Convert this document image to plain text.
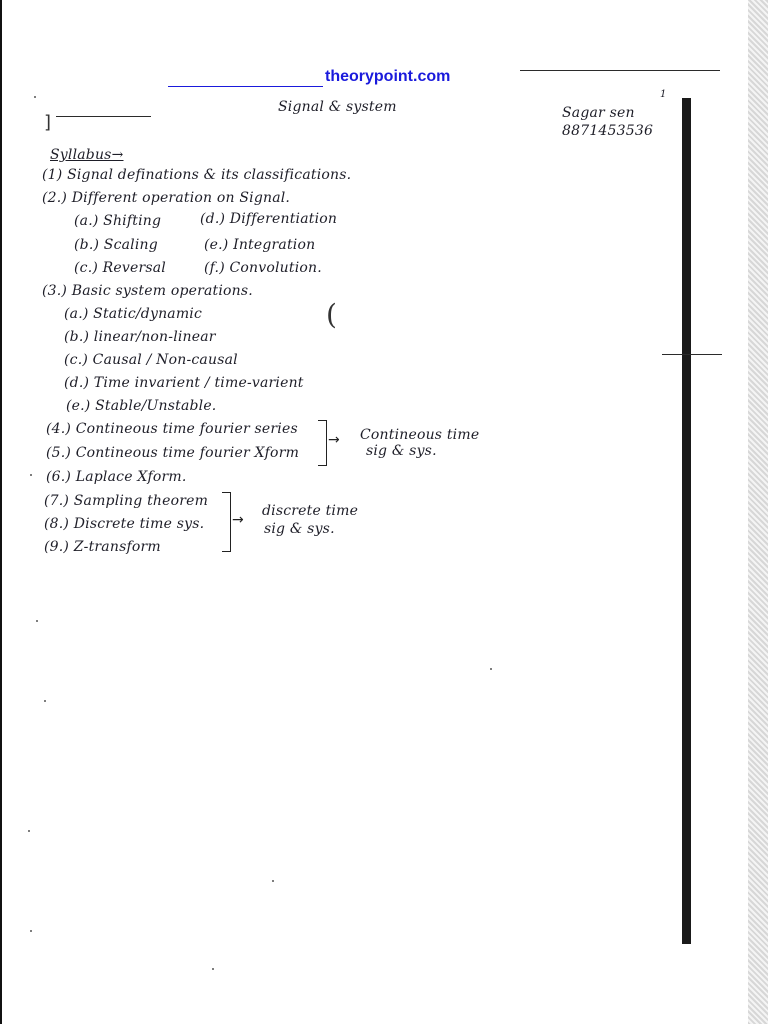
theorypoint.com
1
Signal & system	Sagar sen
8871453536
]
Syllabus→
(1) Signal definations & its classifications.
(2.) Different operation on Signal.
(a.) Shifting
(b.) Scaling
(c.) Reversal
(d.) Differentiation
(e.) Integration
(f.) Convolution.
(3.) Basic system operations.
(a.) Static/dynamic
(b.) linear/non-linear
(c.) Causal / Non-causal
(d.) Time invarient / time-varient
(e.) Stable/Unstable.
(
(4.) Contineous time fourier series
(5.) Contineous time fourier Xform
(6.) Laplace Xform.
→ Contineous time
sig & sys.
(7.) Sampling theorem
(8.) Discrete time sys.
(9.) Z-transform
→
discrete time
sig & sys.
